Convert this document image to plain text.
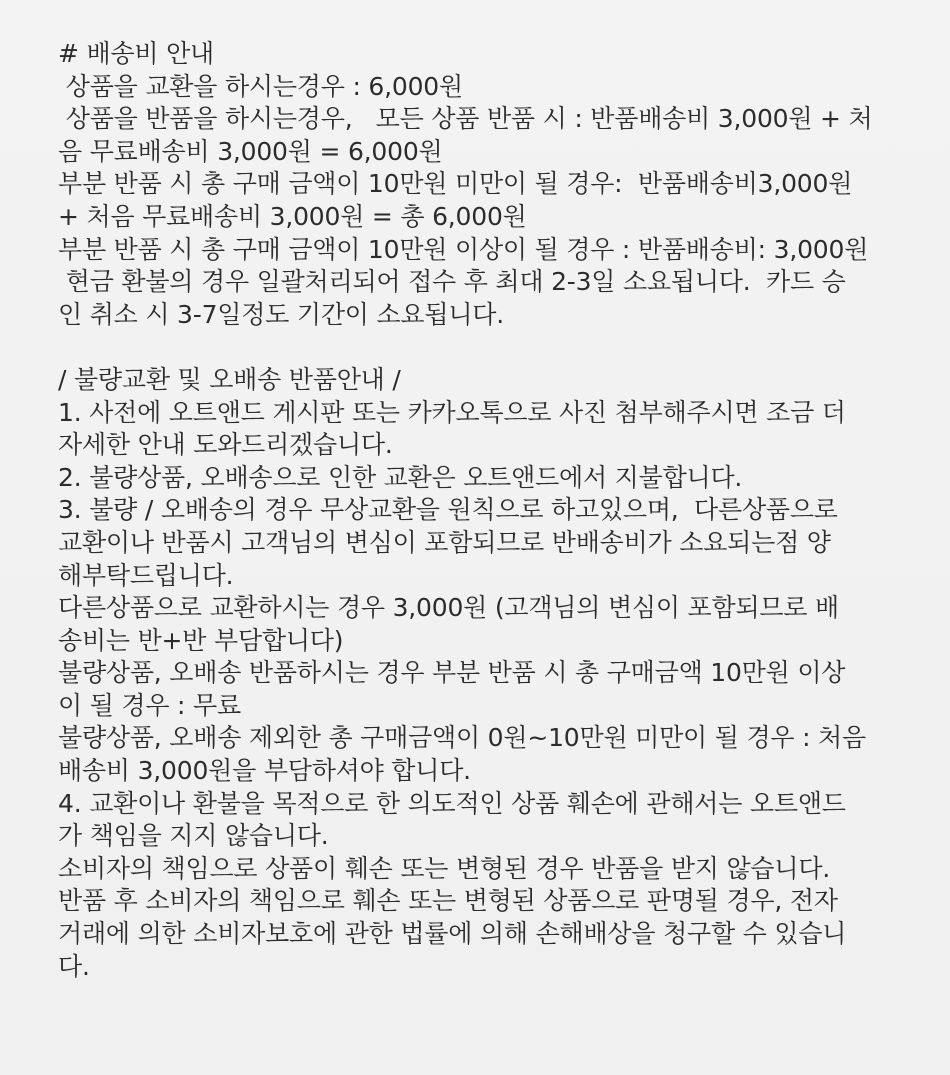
# 배송비 안내

상품을 교환을 하시는경우 : 6,000원

상품을 반품을 하시는경우,   모든 상품 반품 시 : 반품배송비 3,000원 + 처

음 무료배송비 3,000원 = 6,000원

부분 반품 시 총 구매 금액이 10만원 미만이 될 경우:  반품배송비3,000원

+ 처음 무료배송비 3,000원 = 총 6,000원

부분 반품 시 총 구매 금액이 10만원 이상이 될 경우 : 반품배송비: 3,000원

현금 환불의 경우 일괄처리되어 접수 후 최대 2-3일 소요됩니다.  카드 승

인 취소 시 3-7일정도 기간이 소요됩니다.

/ 불량교환 및 오배송 반품안내 /

1. 사전에 오트앤드 게시판 또는 카카오톡으로 사진 첨부해주시면 조금 더

자세한 안내 도와드리겠습니다.

2. 불량상품, 오배송으로 인한 교환은 오트앤드에서 지불합니다.

3. 불량 / 오배송의 경우 무상교환을 원칙으로 하고있으며,  다른상품으로

교환이나 반품시 고객님의 변심이 포함되므로 반배송비가 소요되는점 양

해부탁드립니다.

다른상품으로 교환하시는 경우 3,000원 (고객님의 변심이 포함되므로 배

송비는 반+반 부담합니다)

불량상품, 오배송 반품하시는 경우 부분 반품 시 총 구매금액 10만원 이상

이 될 경우 : 무료

불량상품, 오배송 제외한 총 구매금액이 0원~10만원 미만이 될 경우 : 처음

배송비 3,000원을 부담하셔야 합니다.

4. 교환이나 환불을 목적으로 한 의도적인 상품 훼손에 관해서는 오트앤드

가 책임을 지지 않습니다.

소비자의 책임으로 상품이 훼손 또는 변형된 경우 반품을 받지 않습니다.

반품 후 소비자의 책임으로 훼손 또는 변형된 상품으로 판명될 경우, 전자

거래에 의한 소비자보호에 관한 법률에 의해 손해배상을 청구할 수 있습니

다.
